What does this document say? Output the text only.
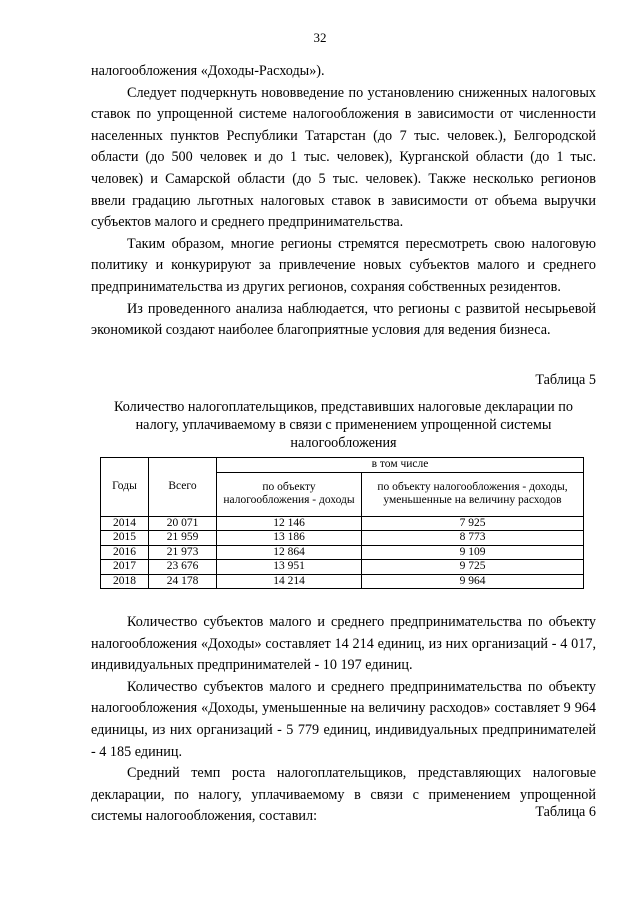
32

налогообложения «Доходы-Расходы»).

Следует подчеркнуть нововведение по установлению сниженных налоговых ставок по упрощенной системе налогообложения в зависимости от численности населенных пунктов Республики Татарстан (до 7 тыс. человек.), Белгородской области (до 500 человек и до 1 тыс. человек), Курганской области (до 1 тыс. человек) и Самарской области (до 5 тыс. человек). Также несколько регионов ввели градацию льготных налоговых ставок в зависимости от объема выручки субъектов малого и среднего предпринимательства.

Таким образом, многие регионы стремятся пересмотреть свою налоговую политику и конкурируют за привлечение новых субъектов малого и среднего предпринимательства из других регионов, сохраняя собственных резидентов.

Из проведенного анализа наблюдается, что регионы с развитой несырьевой экономикой создают наиболее благоприятные условия для ведения бизнеса.

Таблица 5
Количество налогоплательщиков, представивших налоговые декларации по налогу, уплачиваемому в связи с применением упрощенной системы налогообложения
Годы	Всего	в том числе	
		по объекту налогообложения - доходы	по объекту налогообложения - доходы, уменьшенные на величину расходов
2014	20 071	12 146	7 925
2015	21 959	13 186	8 773
2016	21 973	12 864	9 109
2017	23 676	13 951	9 725
2018	24 178	14 214	9 964

Количество субъектов малого и среднего предпринимательства по объекту налогообложения «Доходы» составляет 14 214 единиц, из них организаций - 4 017, индивидуальных предпринимателей - 10 197 единиц.

Количество субъектов малого и среднего предпринимательства по объекту налогообложения «Доходы, уменьшенные на величину расходов» составляет 9 964 единицы, из них организаций - 5 779 единиц, индивидуальных предпринимателей - 4 185 единиц.

Средний темп роста налогоплательщиков, представляющих налоговые декларации, по налогу, уплачиваемому в связи с применением упрощенной системы налогообложения, составил:	Таблица 6
